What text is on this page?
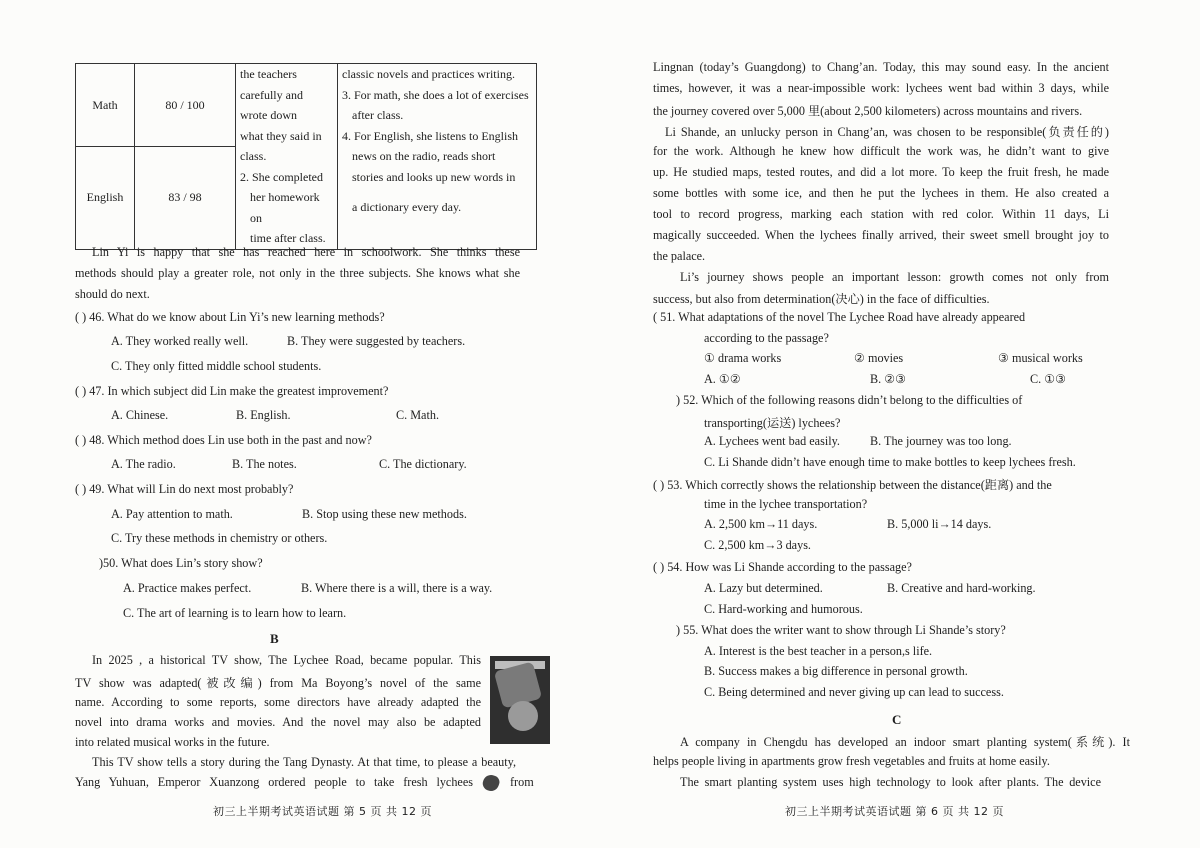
Math	80 / 100	the teachers	classic novels and practices writing.
		carefully and	3. For math, she does a lot of exercises
		wrote down	after class.
		what they said in	4. For English, she listens to English
English	83 / 98	class.	news on the radio, reads short
		2. She completed	stories and looks up new words in
		her homework on	a dictionary every day.
		time after class.	
Lin Yi is happy that she has reached here in schoolwork. She thinks these
methods should play a greater role, not only in the three subjects. She knows what she
should do next.
( ) 46. What do we know about Lin Yi’s new learning methods?
A. They worked really well.	B. They were suggested by teachers.
C. They only fitted middle school students.
( ) 47. In which subject did Lin make the greatest improvement?
A. Chinese.	B. English.	C. Math.
( ) 48. Which method does Lin use both in the past and now?
A. The radio.	B. The notes.	C. The dictionary.
( ) 49. What will Lin do next most probably?
A. Pay attention to math.	B. Stop using these new methods.
C. Try these methods in chemistry or others.
)50. What does Lin’s story show?
A. Practice makes perfect.	B. Where there is a will, there is a way.
C. The art of learning is to learn how to learn.
B
In 2025 , a historical TV show, The Lychee Road, became popular. This
TV show was adapted(被改编) from Ma Boyong’s novel of the same
name. According to some reports, some directors have already adapted the
novel into drama works and movies. And the novel may also be adapted
into related musical works in the future.
This TV show tells a story during the Tang Dynasty. At that time, to please a beauty,
Yang Yuhuan, Emperor Xuanzong ordered people to take fresh lychees	from
初三上半期考试英语试题 第 5 页 共 12 页
Lingnan (today’s Guangdong) to Chang’an. Today, this may sound easy. In the ancient
times, however, it was a near-impossible work: lychees went bad within 3 days, while
the journey covered over 5,000 里(about 2,500 kilometers) across mountains and rivers.
Li Shande, an unlucky person in Chang’an, was chosen to be responsible(负责任的)
for the work. Although he knew how difficult the work was, he didn’t want to give
up. He studied maps, tested routes, and did a lot more. To keep the fruit fresh, he made
some bottles with some ice, and then he put the lychees in them. He also created a
tool to record progress, marking each station with red color. Within 11 days, Li
magically succeeded. When the lychees finally arrived, their sweet smell brought joy to
the palace.
Li’s journey shows people an important lesson: growth comes not only from
success, but also from determination(决心) in the face of difficulties.
( 51. What adaptations of the novel The Lychee Road have already appeared
according to the passage?
① drama works	② movies	③ musical works
A. ①②	B. ②③	C. ①③
) 52. Which of the following reasons didn’t belong to the difficulties of
transporting(运送) lychees?
A. Lychees went bad easily. B. The journey was too long.
C. Li Shande didn’t have enough time to make bottles to keep lychees fresh.
( ) 53. Which correctly shows the relationship between the distance(距离) and the
time in the lychee transportation?
A. 2,500 km→11 days.	B. 5,000 li→14 days.
C. 2,500 km→3 days.
( ) 54. How was Li Shande according to the passage?
A. Lazy but determined.	B. Creative and hard-working.
C. Hard-working and humorous.
) 55. What does the writer want to show through Li Shande’s story?
A. Interest is the best teacher in a person,s life.
B. Success makes a big difference in personal growth.
C. Being determined and never giving up can lead to success.
C
A company in Chengdu has developed an indoor smart planting system(系统). It
helps people living in apartments grow fresh vegetables and fruits at home easily.
The smart planting system uses high technology to look after plants. The device
初三上半期考试英语试题 第 6 页 共 12 页
